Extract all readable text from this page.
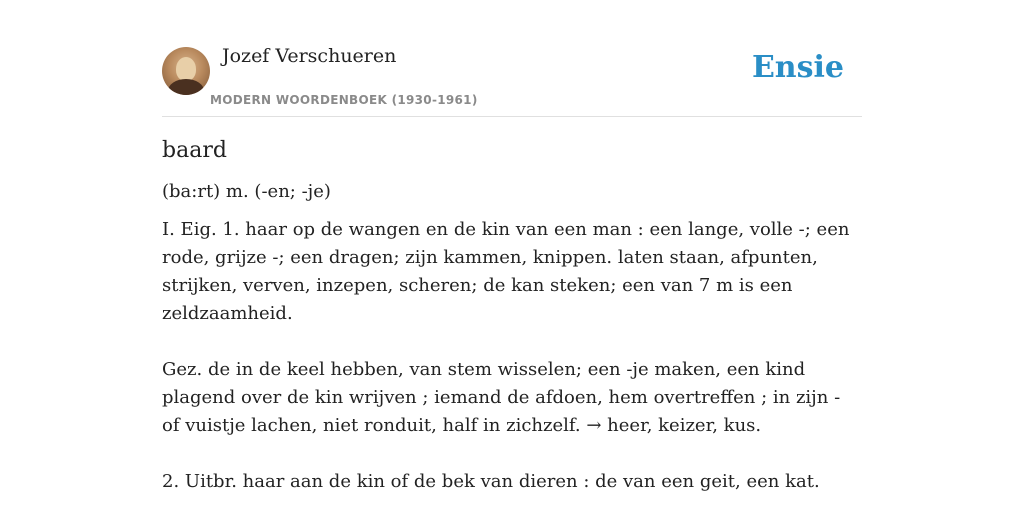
Jozef Verschueren
MODERN WOORDENBOEK (1930-1961)
Ensie
baard

(ba:rt) m. (-en; -je)

I. Eig. 1. haar op de wangen en de kin van een man : een lange, volle -; een rode, grijze -; een dragen; zijn kammen, knippen. laten staan, afpunten, strijken, verven, inzepen, scheren; de kan steken; een van 7 m is een zeldzaamheid.

Gez. de in de keel hebben, van stem wisselen; een -je maken, een kind plagend over de kin wrijven ; iemand de afdoen, hem overtreffen ; in zijn - of vuistje lachen, niet ronduit, half in zichzelf. → heer, keizer, kus.

2. Uitbr. haar aan de kin of de bek van dieren : de van een geit, een kat.
